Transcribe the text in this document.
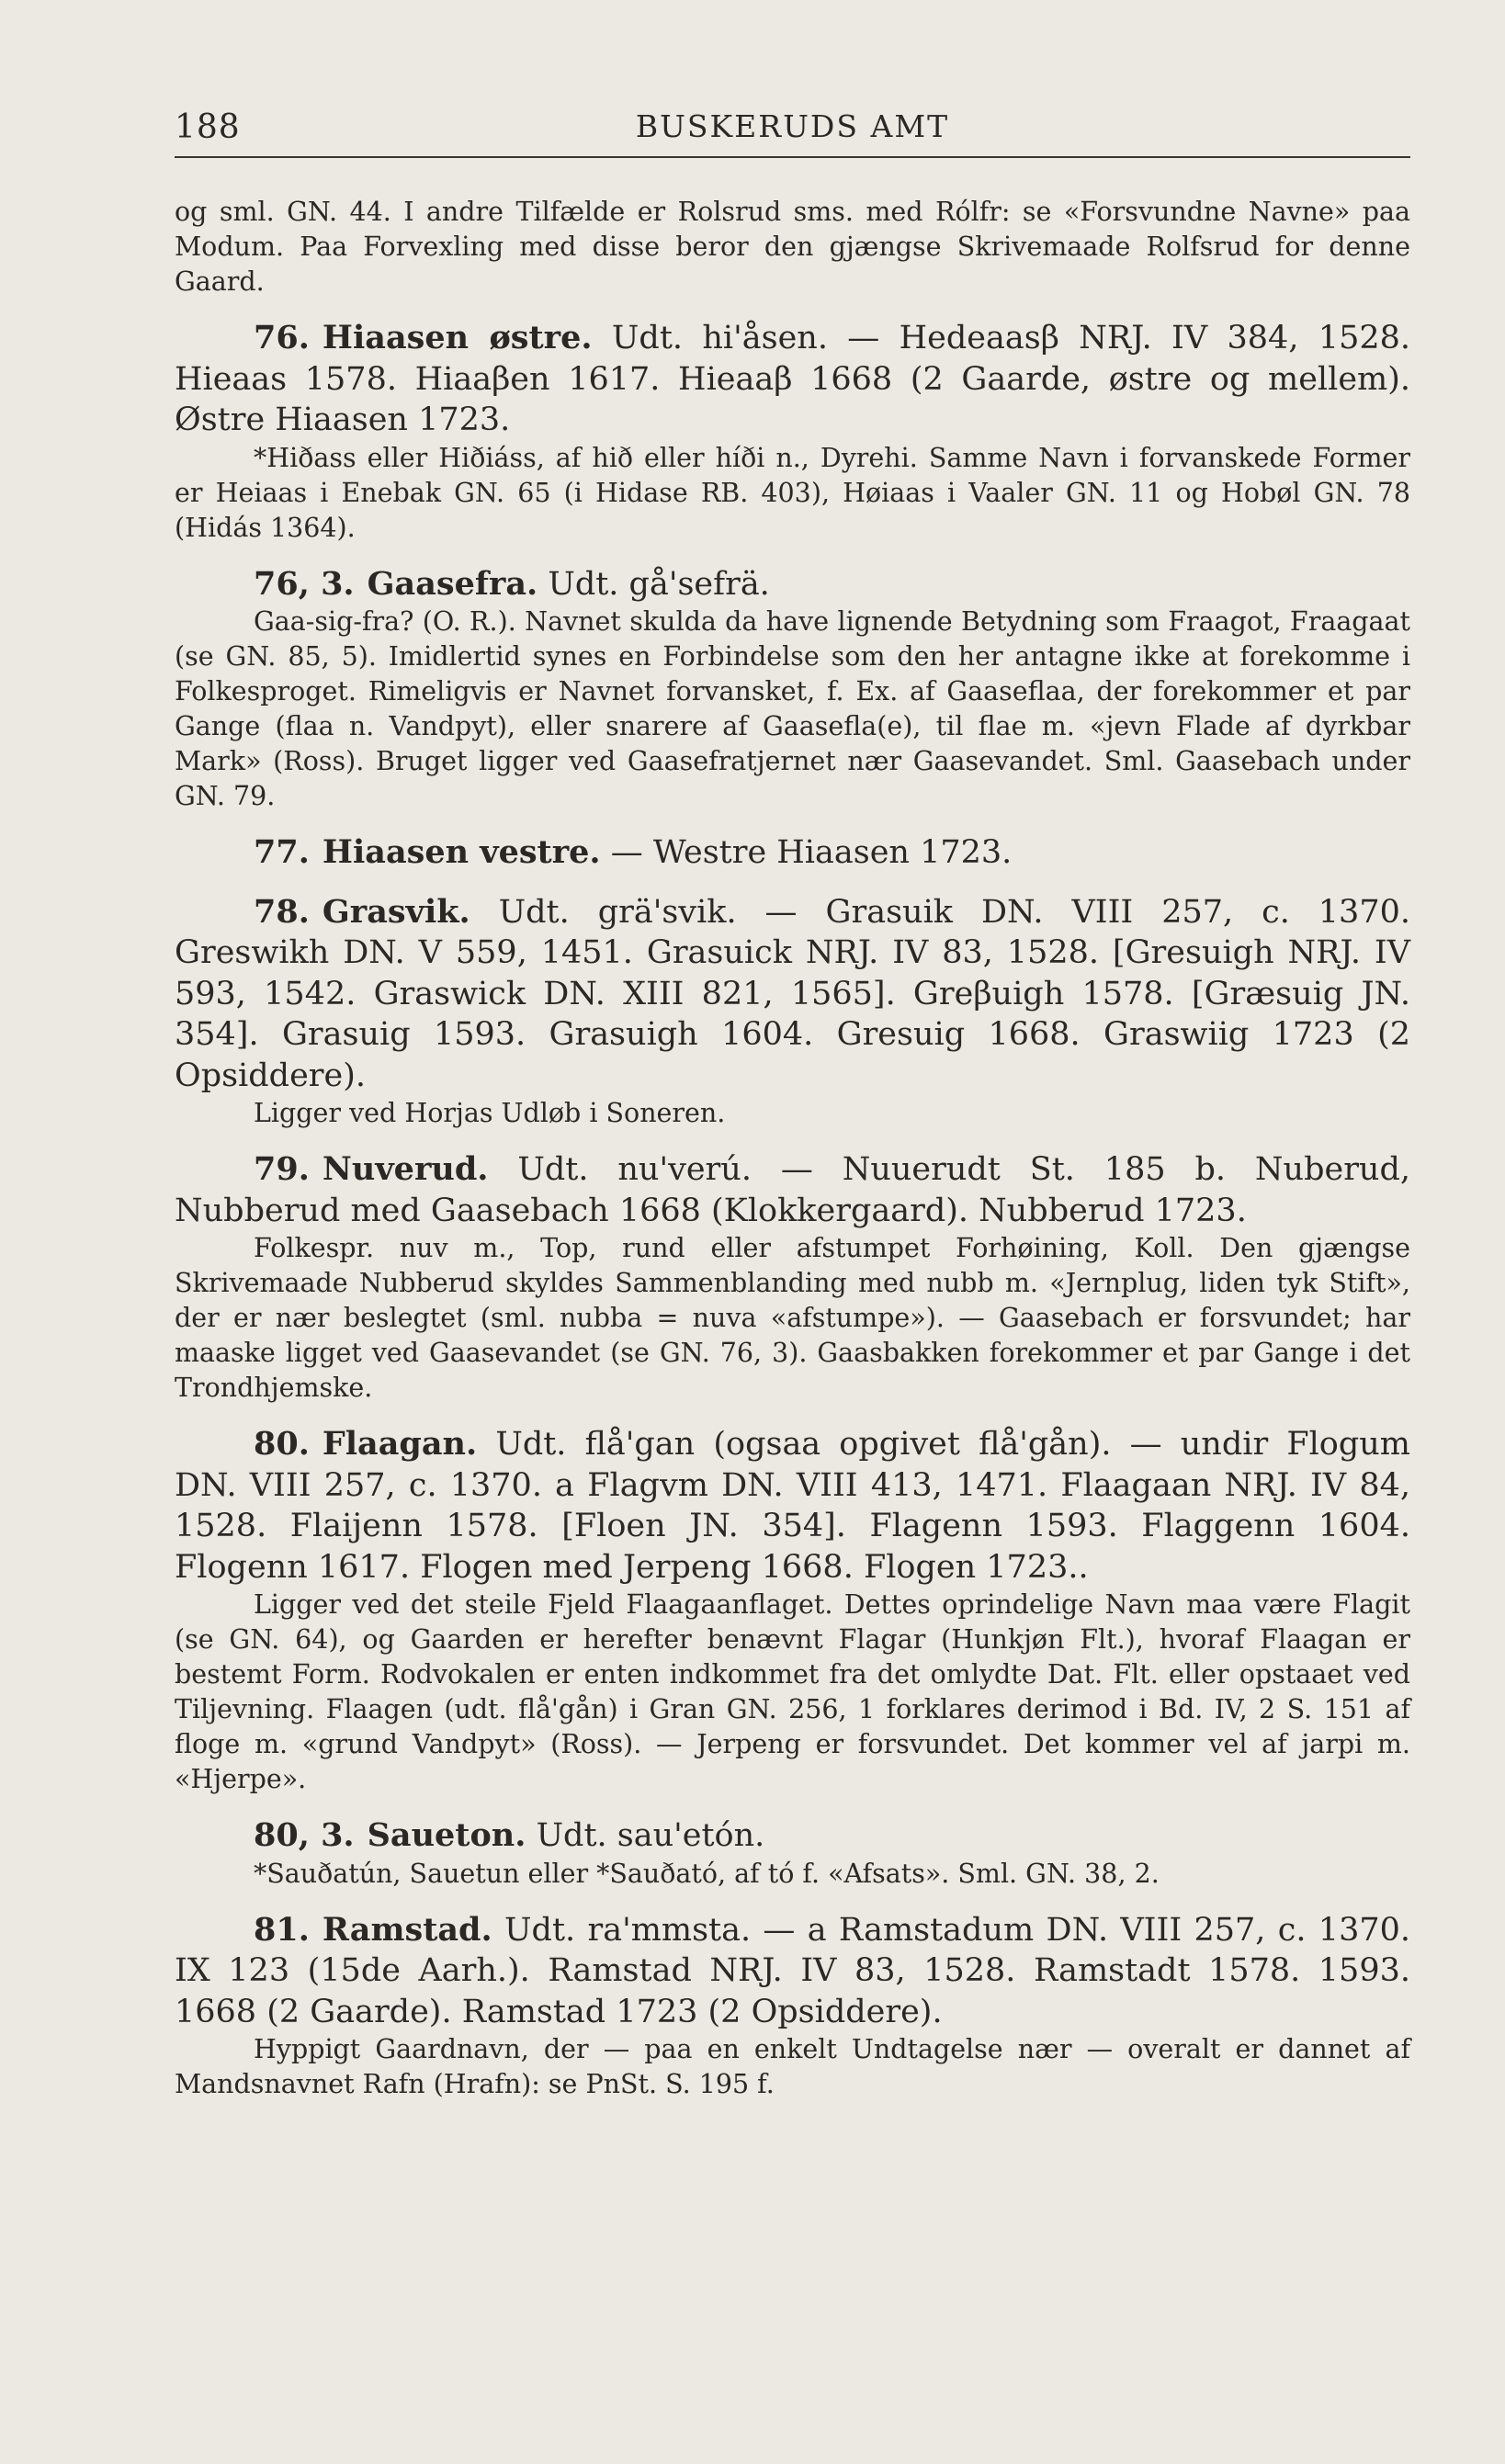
188	BUSKERUDS AMT

og sml. GN. 44. I andre Tilfælde er Rolsrud sms. med Rólfr: se «Forsvundne Navne» paa Modum. Paa Forvexling med disse beror den gjængse Skrivemaade Rolfsrud for denne Gaard.

76. Hiaasen østre. Udt. hi'åsen. — Hedeaasβ NRJ. IV 384, 1528. Hieaas 1578. Hiaaβen 1617. Hieaaβ 1668 (2 Gaarde, østre og mellem). Østre Hiaasen 1723.

*Hiðass eller Hiðiáss, af hið eller híði n., Dyrehi. Samme Navn i forvanskede Former er Heiaas i Enebak GN. 65 (i Hidase RB. 403), Høiaas i Vaaler GN. 11 og Hobøl GN. 78 (Hidás 1364).

76, 3. Gaasefra. Udt. gå'sefrä.

Gaa-sig-fra? (O. R.). Navnet skulda da have lignende Betydning som Fraagot, Fraagaat (se GN. 85, 5). Imidlertid synes en Forbindelse som den her antagne ikke at forekomme i Folkesproget. Rimeligvis er Navnet forvansket, f. Ex. af Gaaseflaa, der forekommer et par Gange (flaa n. Vandpyt), eller snarere af Gaasefla(e), til flae m. «jevn Flade af dyrkbar Mark» (Ross). Bruget ligger ved Gaasefratjernet nær Gaasevandet. Sml. Gaasebach under GN. 79.

77. Hiaasen vestre. — Westre Hiaasen 1723.

78. Grasvik. Udt. grä'svik. — Grasuik DN. VIII 257, c. 1370. Greswikh DN. V 559, 1451. Grasuick NRJ. IV 83, 1528. [Gresuigh NRJ. IV 593, 1542. Graswick DN. XIII 821, 1565]. Greβuigh 1578. [Græsuig JN. 354]. Grasuig 1593. Grasuigh 1604. Gresuig 1668. Graswiig 1723 (2 Opsiddere).

Ligger ved Horjas Udløb i Soneren.

79. Nuverud. Udt. nu'verú. — Nuuerudt St. 185 b. Nuberud, Nubberud med Gaasebach 1668 (Klokkergaard). Nubberud 1723.

Folkespr. nuv m., Top, rund eller afstumpet Forhøining, Koll. Den gjængse Skrivemaade Nubberud skyldes Sammenblanding med nubb m. «Jernplug, liden tyk Stift», der er nær beslegtet (sml. nubba = nuva «afstumpe»). — Gaasebach er forsvundet; har maaske ligget ved Gaasevandet (se GN. 76, 3). Gaasbakken forekommer et par Gange i det Trondhjemske.

80. Flaagan. Udt. flå'gan (ogsaa opgivet flå'gån). — undir Flogum DN. VIII 257, c. 1370. a Flagvm DN. VIII 413, 1471. Flaagaan NRJ. IV 84, 1528. Flaijenn 1578. [Floen JN. 354]. Flagenn 1593. Flaggenn 1604. Flogenn 1617. Flogen med Jerpeng 1668. Flogen 1723..

Ligger ved det steile Fjeld Flaagaanflaget. Dettes oprindelige Navn maa være Flagit (se GN. 64), og Gaarden er herefter benævnt Flagar (Hunkjøn Flt.), hvoraf Flaagan er bestemt Form. Rodvokalen er enten indkommet fra det omlydte Dat. Flt. eller opstaaet ved Tiljevning. Flaagen (udt. flå'gån) i Gran GN. 256, 1 forklares derimod i Bd. IV, 2 S. 151 af floge m. «grund Vandpyt» (Ross). — Jerpeng er forsvundet. Det kommer vel af jarpi m. «Hjerpe».

80, 3. Saueton. Udt. sau'etón.

*Sauðatún, Sauetun eller *Sauðató, af tó f. «Afsats». Sml. GN. 38, 2.

81. Ramstad. Udt. ra'mmsta. — a Ramstadum DN. VIII 257, c. 1370. IX 123 (15de Aarh.). Ramstad NRJ. IV 83, 1528. Ramstadt 1578. 1593. 1668 (2 Gaarde). Ramstad 1723 (2 Opsiddere).

Hyppigt Gaardnavn, der — paa en enkelt Undtagelse nær — overalt er dannet af Mandsnavnet Rafn (Hrafn): se PnSt. S. 195 f.
